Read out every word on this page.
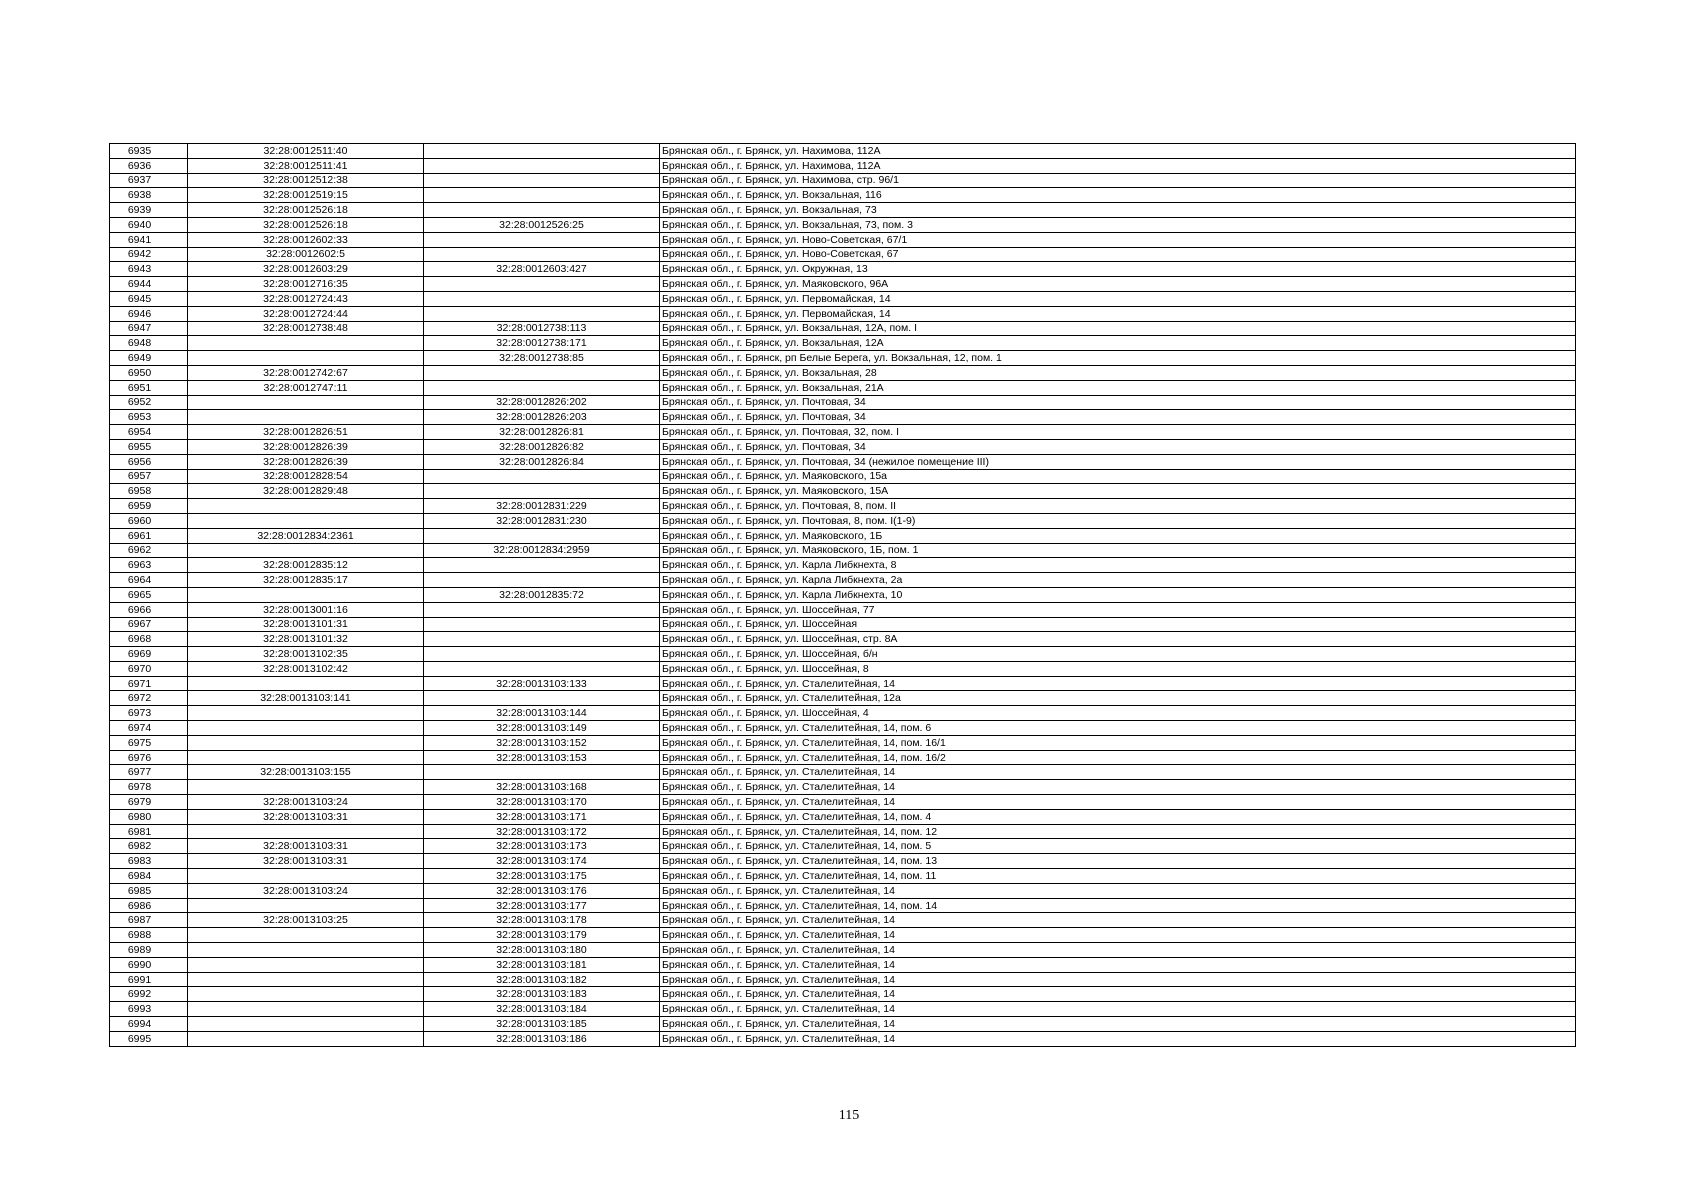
6935	32:28:0012511:40		Брянская обл., г. Брянск, ул. Нахимова, 112А
6936	32:28:0012511:41		Брянская обл., г. Брянск, ул. Нахимова, 112А
6937	32:28:0012512:38		Брянская обл., г. Брянск, ул. Нахимова, стр. 96/1
6938	32:28:0012519:15		Брянская обл., г. Брянск, ул. Вокзальная, 116
6939	32:28:0012526:18		Брянская обл., г. Брянск, ул. Вокзальная, 73
6940	32:28:0012526:18	32:28:0012526:25	Брянская обл., г. Брянск, ул. Вокзальная, 73, пом. 3
6941	32:28:0012602:33		Брянская обл., г. Брянск, ул. Ново-Советская, 67/1
6942	32:28:0012602:5		Брянская обл., г. Брянск, ул. Ново-Советская, 67
6943	32:28:0012603:29	32:28:0012603:427	Брянская обл., г. Брянск, ул. Окружная, 13
6944	32:28:0012716:35		Брянская обл., г. Брянск, ул. Маяковского, 96А
6945	32:28:0012724:43		Брянская обл., г. Брянск, ул. Первомайская, 14
6946	32:28:0012724:44		Брянская обл., г. Брянск, ул. Первомайская, 14
6947	32:28:0012738:48	32:28:0012738:113	Брянская обл., г. Брянск, ул. Вокзальная, 12А, пом. I
6948		32:28:0012738:171	Брянская обл., г. Брянск, ул. Вокзальная, 12А
6949		32:28:0012738:85	Брянская обл., г. Брянск, рп Белые Берега, ул. Вокзальная, 12, пом. 1
6950	32:28:0012742:67		Брянская обл., г. Брянск, ул. Вокзальная, 28
6951	32:28:0012747:11		Брянская обл., г. Брянск, ул. Вокзальная, 21А
6952		32:28:0012826:202	Брянская обл., г. Брянск, ул. Почтовая, 34
6953		32:28:0012826:203	Брянская обл., г. Брянск, ул. Почтовая, 34
6954	32:28:0012826:51	32:28:0012826:81	Брянская обл., г. Брянск, ул. Почтовая, 32, пом. I
6955	32:28:0012826:39	32:28:0012826:82	Брянская обл., г. Брянск, ул. Почтовая, 34
6956	32:28:0012826:39	32:28:0012826:84	Брянская обл., г. Брянск, ул. Почтовая, 34 (нежилое помещение III)
6957	32:28:0012828:54		Брянская обл., г. Брянск, ул. Маяковского, 15а
6958	32:28:0012829:48		Брянская обл., г. Брянск, ул. Маяковского, 15А
6959		32:28:0012831:229	Брянская обл., г. Брянск, ул. Почтовая, 8, пом. II
6960		32:28:0012831:230	Брянская обл., г. Брянск, ул. Почтовая, 8, пом. I(1-9)
6961	32:28:0012834:2361		Брянская обл., г. Брянск, ул. Маяковского, 1Б
6962		32:28:0012834:2959	Брянская обл., г. Брянск, ул. Маяковского, 1Б, пом. 1
6963	32:28:0012835:12		Брянская обл., г. Брянск, ул. Карла Либкнехта, 8
6964	32:28:0012835:17		Брянская обл., г. Брянск, ул. Карла Либкнехта, 2а
6965		32:28:0012835:72	Брянская обл., г. Брянск, ул. Карла Либкнехта, 10
6966	32:28:0013001:16		Брянская обл., г. Брянск, ул. Шоссейная, 77
6967	32:28:0013101:31		Брянская обл., г. Брянск, ул. Шоссейная
6968	32:28:0013101:32		Брянская обл., г. Брянск, ул. Шоссейная, стр. 8А
6969	32:28:0013102:35		Брянская обл., г. Брянск, ул. Шоссейная, б/н
6970	32:28:0013102:42		Брянская обл., г. Брянск, ул. Шоссейная, 8
6971		32:28:0013103:133	Брянская обл., г. Брянск, ул. Сталелитейная, 14
6972	32:28:0013103:141		Брянская обл., г. Брянск, ул. Сталелитейная, 12а
6973		32:28:0013103:144	Брянская обл., г. Брянск, ул. Шоссейная, 4
6974		32:28:0013103:149	Брянская обл., г. Брянск, ул. Сталелитейная, 14, пом. 6
6975		32:28:0013103:152	Брянская обл., г. Брянск, ул. Сталелитейная, 14, пом. 16/1
6976		32:28:0013103:153	Брянская обл., г. Брянск, ул. Сталелитейная, 14, пом. 16/2
6977	32:28:0013103:155		Брянская обл., г. Брянск, ул. Сталелитейная, 14
6978		32:28:0013103:168	Брянская обл., г. Брянск, ул. Сталелитейная, 14
6979	32:28:0013103:24	32:28:0013103:170	Брянская обл., г. Брянск, ул. Сталелитейная, 14
6980	32:28:0013103:31	32:28:0013103:171	Брянская обл., г. Брянск, ул. Сталелитейная, 14, пом. 4
6981		32:28:0013103:172	Брянская обл., г. Брянск, ул. Сталелитейная, 14, пом. 12
6982	32:28:0013103:31	32:28:0013103:173	Брянская обл., г. Брянск, ул. Сталелитейная, 14, пом. 5
6983	32:28:0013103:31	32:28:0013103:174	Брянская обл., г. Брянск, ул. Сталелитейная, 14, пом. 13
6984		32:28:0013103:175	Брянская обл., г. Брянск, ул. Сталелитейная, 14, пом. 11
6985	32:28:0013103:24	32:28:0013103:176	Брянская обл., г. Брянск, ул. Сталелитейная, 14
6986		32:28:0013103:177	Брянская обл., г. Брянск, ул. Сталелитейная, 14, пом. 14
6987	32:28:0013103:25	32:28:0013103:178	Брянская обл., г. Брянск, ул. Сталелитейная, 14
6988		32:28:0013103:179	Брянская обл., г. Брянск, ул. Сталелитейная, 14
6989		32:28:0013103:180	Брянская обл., г. Брянск, ул. Сталелитейная, 14
6990		32:28:0013103:181	Брянская обл., г. Брянск, ул. Сталелитейная, 14
6991		32:28:0013103:182	Брянская обл., г. Брянск, ул. Сталелитейная, 14
6992		32:28:0013103:183	Брянская обл., г. Брянск, ул. Сталелитейная, 14
6993		32:28:0013103:184	Брянская обл., г. Брянск, ул. Сталелитейная, 14
6994		32:28:0013103:185	Брянская обл., г. Брянск, ул. Сталелитейная, 14
6995		32:28:0013103:186	Брянская обл., г. Брянск, ул. Сталелитейная, 14
115
